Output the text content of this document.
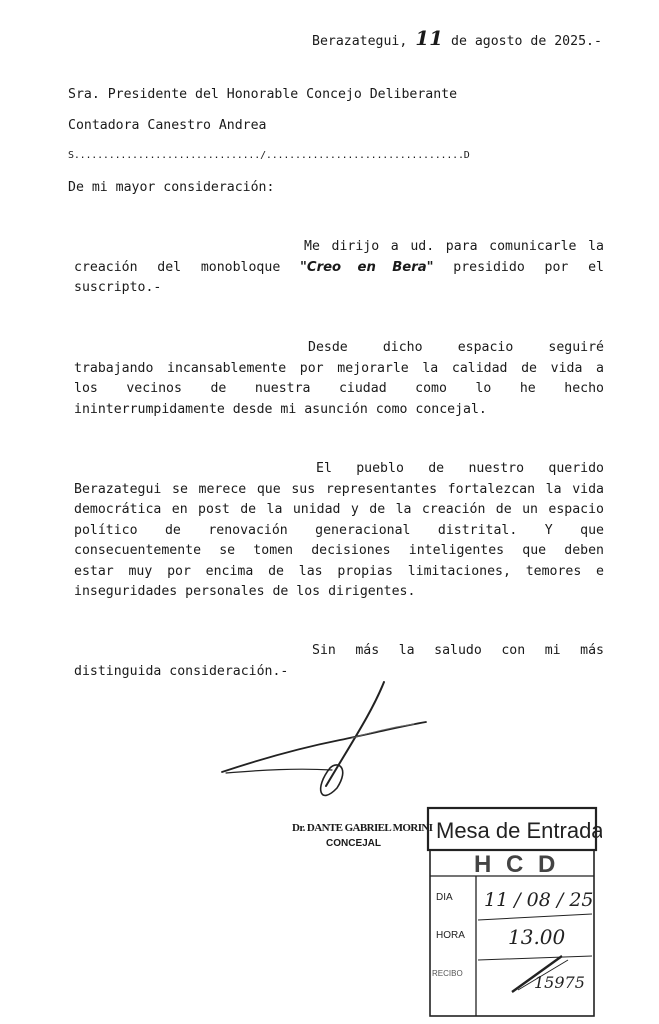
Berazategui, 11 de agosto de 2025.-
Sra. Presidente del Honorable Concejo Deliberante
Contadora Canestro Andrea
S................................/..................................D
De mi mayor consideración:
Me dirijo a ud. para comunicarle la
creación del monobloque "Creo en Bera" presidido por el
suscripto.-
Desde dicho espacio seguiré
trabajando incansablemente por mejorarle la calidad de vida a
los vecinos de nuestra ciudad como lo he hecho
ininterrumpidamente desde mi asunción como concejal.
El pueblo de nuestro querido
Berazategui se merece que sus representantes fortalezcan la vida
democrática en post de la unidad y de la creación de un espacio
político de renovación generacional distrital. Y que
consecuentemente se tomen decisiones inteligentes que deben
estar muy por encima de las propias limitaciones, temores e
inseguridades personales de los dirigentes.
Sin más la saludo con mi más
distinguida consideración.-
Dr. DANTE GABRIEL MORINI
CONCEJAL
Mesa de Entrada
H C D
DIA 11 / 08 / 25
HORA 13.00
RECIBO	15975
